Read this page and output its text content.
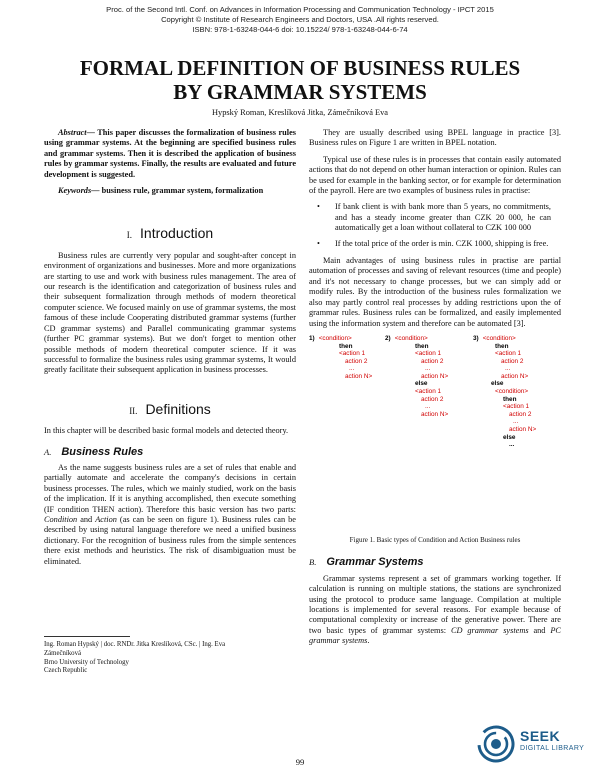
Proc. of the Second Intl. Conf. on Advances in Information Processing and Communication Technology - IPCT 2015
Copyright © Institute of Research Engineers and Doctors, USA .All rights reserved.
ISBN: 978-1-63248-044-6 doi: 10.15224/ 978-1-63248-044-6-74
FORMAL DEFINITION OF BUSINESS RULES
BY GRAMMAR SYSTEMS
Hypský Roman, Kreslíková Jitka, Zámečníková Eva

Abstract— This paper discusses the formalization of business rules using grammar systems. At the beginning are specified business rules and grammar systems. Then it is described the application of business rules by grammar systems. Finally, the results are evaluated and future development is suggested.

Keywords— business rule, grammar system, formalization

I. Introduction

Business rules are currently very popular and sought-after concept in environment of organizations and businesses. More and more organizations are starting to use and work with business rules management. The area of our research is the identification and categorization of business rules and their subsequent formalization through methods of modern theoretical computer science. We focused mainly on use of grammar systems, the most famous of these include Cooperating distributed grammar systems (further CD grammar systems) and Parallel communicating grammar systems (further PC grammar systems). But we don't forget to mention other possible methods of modern theoretical computer science. If it was successful to formalize the business rules using grammar systems, It would greatly facilitate their subsequent application in business processes.

II. Definitions

In this chapter will be described basic formal models and detected theory.

A. Business Rules

As the name suggests business rules are a set of rules that enable and partially automate and accelerate the company's decisions in certain business processes. The rules, which we mainly studied, work on the basis of the implication. If it is anything accomplished, then execute something (IF condition THEN action). Therefore this basic version has two parts: Condition and Action (as can be seen on figure 1). Business rules can be described by using natural language therefore we need a unified business dictionary. For the recognition of business rules from the simple sentences there exist methods and heuristics. The risk of disambiguation must be eliminated.

They are usually described using BPEL language in practice [3]. Business rules on Figure 1 are written in BPEL notation.

Typical use of these rules is in processes that contain easily automated actions that do not depend on other human interaction or opinion. Rules can be used for example in the banking sector, or for example for determination of the payroll. Here are two examples of business rules in practise:

• If bank client is with bank more than 5 years, no commitments, and has a steady income greater than CZK 20 000, he can automatically get a loan without collateral to CZK 100 000
• If the total price of the order is min. CZK 1000, shipping is free.

Main advantages of using business rules in practise are partial automation of processes and saving of relevant resources (time and people) and it's not necessary to change processes, but we can simply add or modify rules. By the introduction of the business rules formalization we also may partly control real processes by adding restrictions upon the of grammar rules. Business rules can be formalized, and easily implemented using the information system and therefore can be automated [3].

1) <condition>
then
<action 1
action 2
...
action N>
2) <condition>
then
<action 1
action 2
...
action N>
else
<action 1
action 2
...
action N>
3) <condition>
then
<action 1
action 2
...
action N>
else
<condition>
then
<action 1
action 2
...
action N>
else
...
Figure 1. Basic types of Condition and Action Business rules
B. Grammar Systems

Grammar systems represent a set of grammars working together. If calculation is running on multiple stations, the stations are synchronized using the protocol to produce same language. Compilation at multiple locations is implemented for several reasons. For example because of computational complexity or increase of the generative power. There are two basic types of grammar systems: CD grammar systems and PC grammar systems.

Ing. Roman Hypský | doc. RNDr. Jitka Kreslíková, CSc. | Ing. Eva
Zámečníková
Brno University of Technology
Czech Republic
99
SEEK
DIGITAL LIBRARY
